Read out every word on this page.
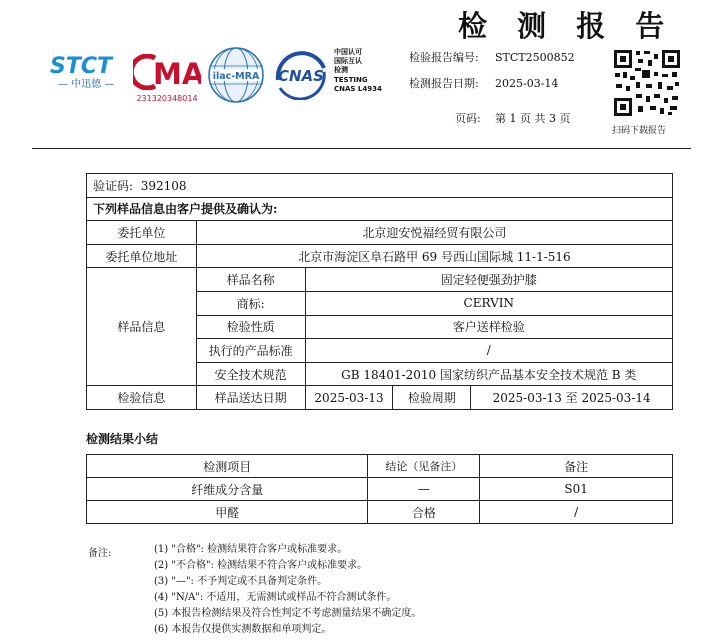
检 测 报 告
STCT
— 中迅德 —	MA
231320348014
ilac-MRA CNAS
中国认可
国际互认
检测
TESTING
CNAS L4934
检验报告编号: STCT2500852
检测报告日期: 2025-03-14
页码: 第 1 页 共 3 页
扫码下载报告
验证码: 392108				
下列样品信息由客户提供及确认为:				
委托单位	北京迎安悦福经贸有限公司			
委托单位地址	北京市海淀区阜石路甲 69 号西山国际城 11-1-516			
样品信息	样品名称	固定轻便强劲护膝		
	商标:	CERVIN		
	检验性质	客户送样检验		
	执行的产品标准	/		
	安全技术规范	GB 18401-2010 国家纺织产品基本安全技术规范 B 类		
检验信息	样品送达日期	2025-03-13	检验周期	2025-03-13 至 2025-03-14
检测结果小结
检测项目	结论（见备注）	备注
纤维成分含量	—	S01
甲醛	合格	/
备注:	(1) "合格": 检测结果符合客户或标准要求。
(2) "不合格": 检测结果不符合客户或标准要求。
(3) "—": 不予判定或不具备判定条件。
(4) "N/A": 不适用，无需测试或样品不符合测试条件。
(5) 本报告检测结果及符合性判定不考虑测量结果不确定度。
(6) 本报告仅提供实测数据和单项判定。
